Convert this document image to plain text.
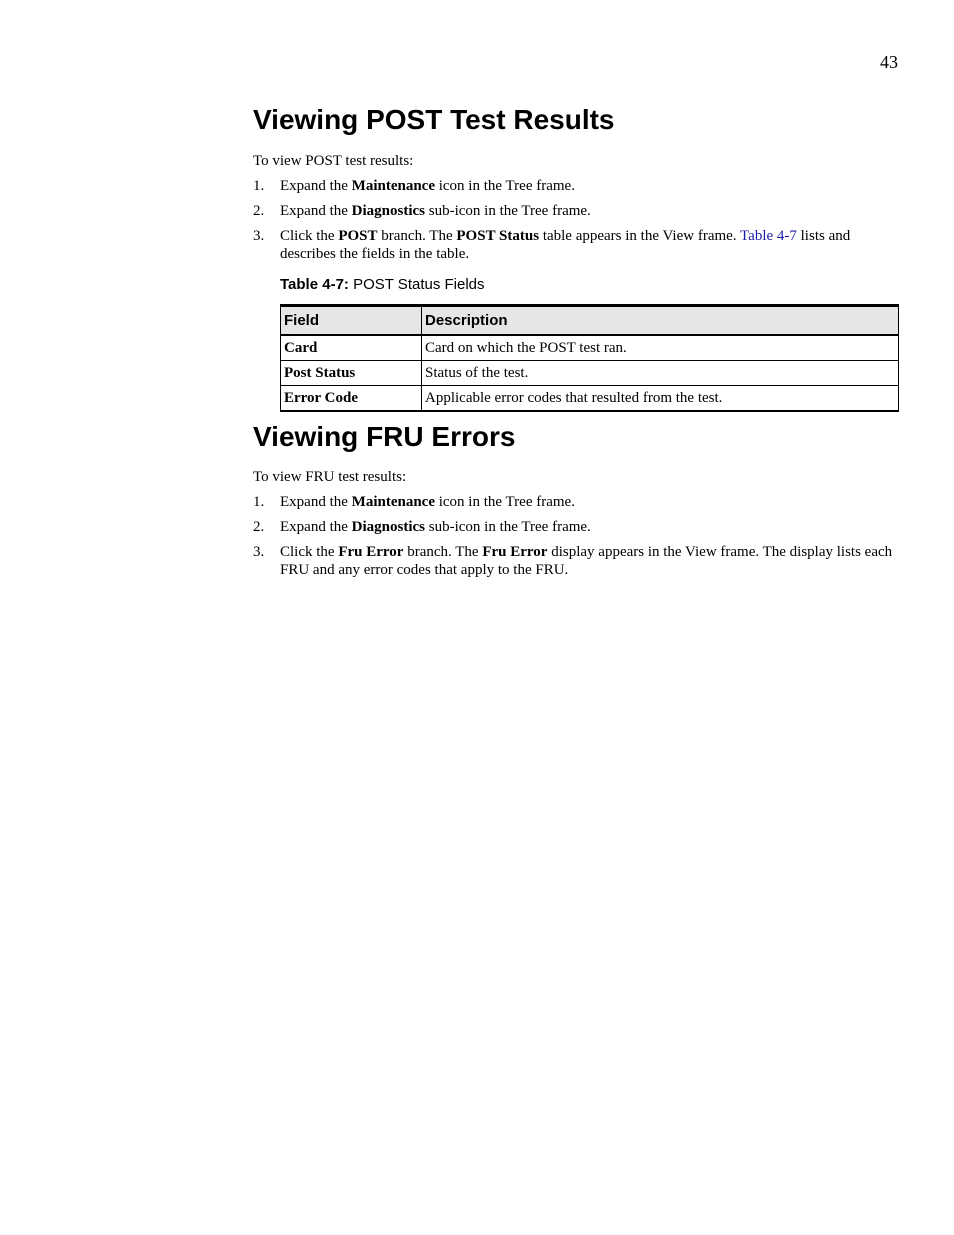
43
Viewing POST Test Results
To view POST test results:
1. Expand the Maintenance icon in the Tree frame.
2. Expand the Diagnostics sub-icon in the Tree frame.
3. Click the POST branch. The POST Status table appears in the View frame. Table 4-7 lists and describes the fields in the table.
Table 4-7: POST Status Fields
Field	Description
Card	Card on which the POST test ran.
Post Status	Status of the test.
Error Code	Applicable error codes that resulted from the test.
Viewing FRU Errors
To view FRU test results:
1. Expand the Maintenance icon in the Tree frame.
2. Expand the Diagnostics sub-icon in the Tree frame.
3. Click the Fru Error branch. The Fru Error display appears in the View frame. The display lists each FRU and any error codes that apply to the FRU.
